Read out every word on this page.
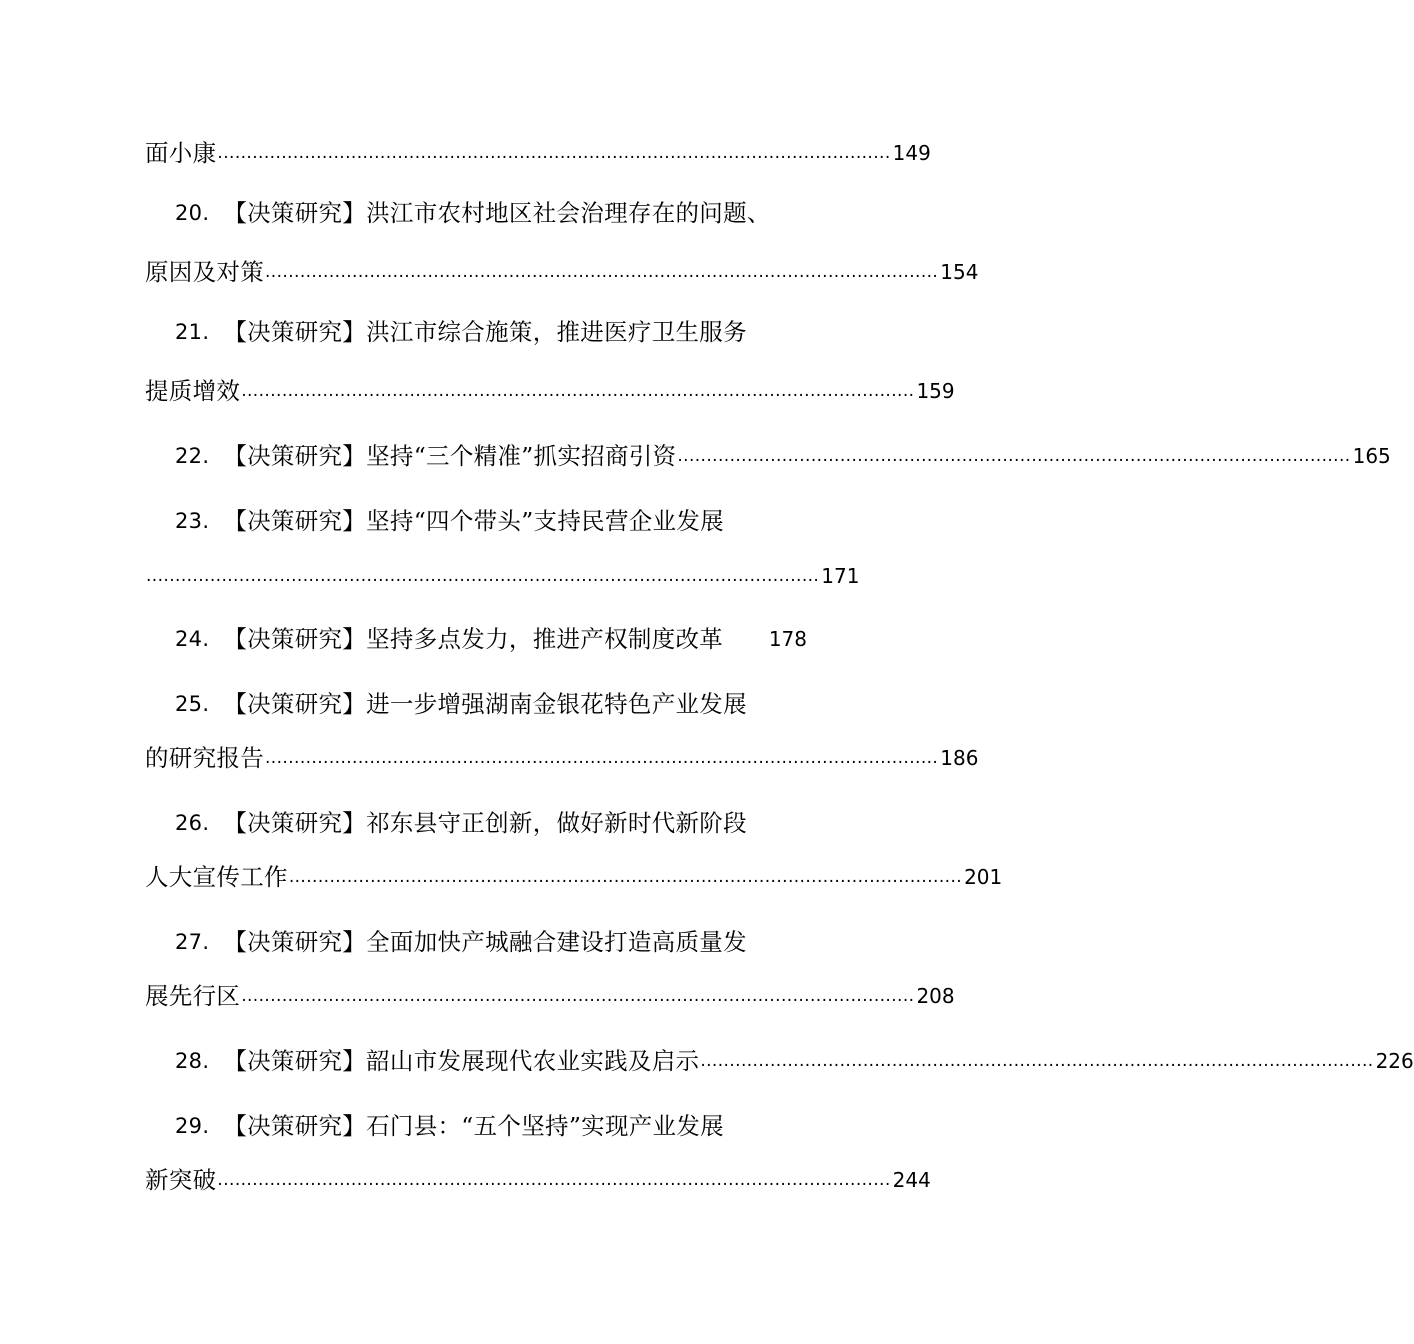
面小康 .................................................................................................................... 149
20. 【决策研究】洪江市农村地区社会治理存在的问题、
原因及对策 .................................................................................................................... 154
21. 【决策研究】洪江市综合施策，推进医疗卫生服务
提质增效 .................................................................................................................... 159
22. 【决策研究】坚持“三个精准”抓实招商引资 .................................................................................................................... 165
23. 【决策研究】坚持“四个带头”支持民营企业发展
.................................................................................................................... 171
24. 【决策研究】坚持多点发力，推进产权制度改革 178
25. 【决策研究】进一步增强湖南金银花特色产业发展
的研究报告 .................................................................................................................... 186
26. 【决策研究】祁东县守正创新，做好新时代新阶段
人大宣传工作 .................................................................................................................... 201
27. 【决策研究】全面加快产城融合建设打造高质量发
展先行区 .................................................................................................................... 208
28. 【决策研究】韶山市发展现代农业实践及启示 .................................................................................................................... 226
29. 【决策研究】石门县：“五个坚持”实现产业发展
新突破 .................................................................................................................... 244
